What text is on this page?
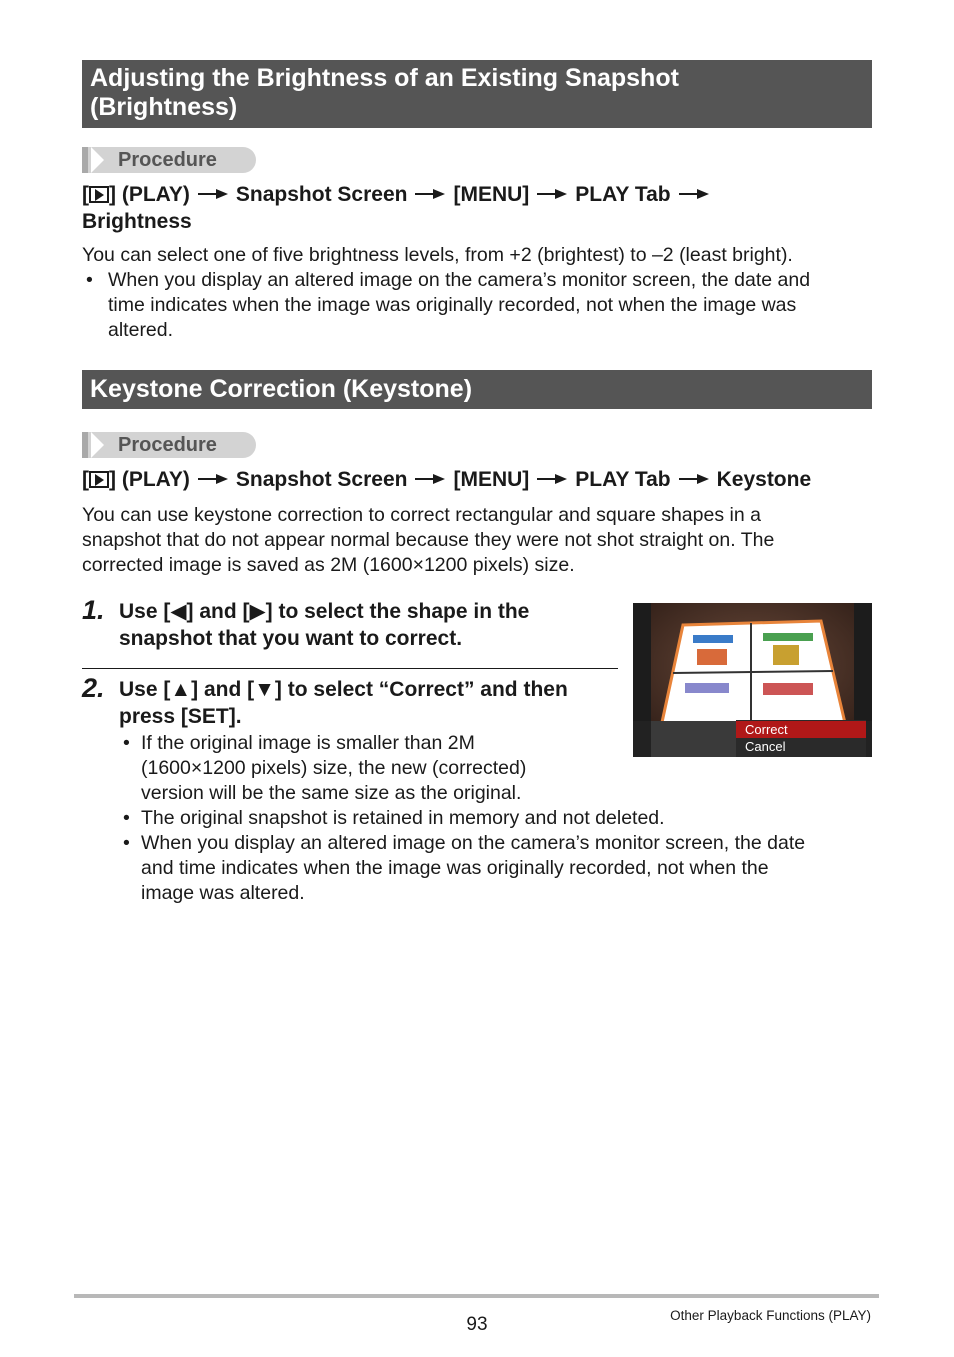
Adjusting the Brightness of an Existing Snapshot
(Brightness)
Procedure
[ ] (PLAY) Snapshot Screen [MENU] PLAY Tab
Brightness
You can select one of five brightness levels, from +2 (brightest) to –2 (least bright).
• When you display an altered image on the camera’s monitor screen, the date and
time indicates when the image was originally recorded, not when the image was
altered.
Keystone Correction (Keystone)
Procedure
[ ] (PLAY) Snapshot Screen [MENU] PLAY Tab Keystone
You can use keystone correction to correct rectangular and square shapes in a
snapshot that do not appear normal because they were not shot straight on. The
corrected image is saved as 2M (1600×1200 pixels) size.
1. Use [◀] and [▶] to select the shape in the
snapshot that you want to correct.
2. Use [▲] and [▼] to select “Correct” and then
press [SET].
• If the original image is smaller than 2M
(1600×1200 pixels) size, the new (corrected)
version will be the same size as the original.
• The original snapshot is retained in memory and not deleted.
• When you display an altered image on the camera’s monitor screen, the date
and time indicates when the image was originally recorded, not when the
image was altered.
Correct
Cancel
93	Other Playback Functions (PLAY)
